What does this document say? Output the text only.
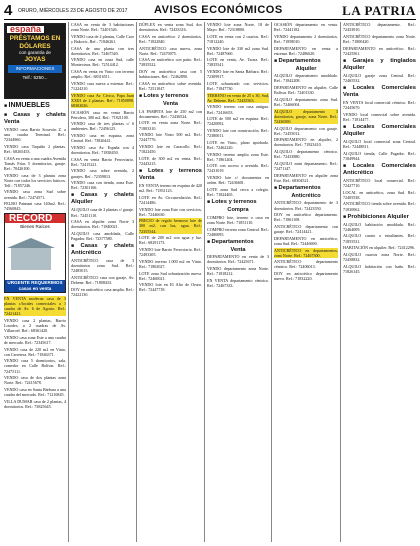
4 ORURO, MIÉRCOLES 23 DE AGOSTO DE 2017 AVISOS ECONÓMICOS	LA PATRIA
españa
PRÉSTAMOS EN DÓLARES
con garantía de
JOYAS
INFORMACIONES
Telf.: 5250...
■ INMUEBLES
■ Casas y chalets Venta

VENDO casa Barrio Socavón Z. a una cuadra Terminal. Ref.: 72344960.

VENDO casa Taquiña 2 plantas. Ref.: 68265453.

CASA en venta a una cuadra Avenida Tomás Frías 5 dormitorios, garaje. Ref.: 70426100.

VENDO casa de 3 plantas zona Norte con todos los servicios básicos. Telf.: 71857246.

VENDO casa zona Sud sobre avenida. Ref.: 72474571.

FELBO Paimani casa 140m2. Ref.: 74560845.

RECORD
Bienes Raíces
URGENTE REQUERIMOS casas en venta

EN VENTA moderna casa de 3 plantas c/locales comerciales a 1 cuadra de Av. 6 de Agosto. Ref.: 72421421.

VENDO casa 2 plantas, Barrio Lourdes, a 2 cuadras de Av. Villarroel. Ref.: 68361420.

VENDO casa zona Este a una cuadra de mercado. Ref.: 72345617.

VENDO casa de 220 m2 en Vinto, con Carretera. Ref.: 71846371.

VENDO casa 5 dormitorios, sala, comedor en Calle Bolívar. Ref.: 72475111.

VENDO casa de dos plantas zona Norte. Ref.: 72415678.

VENDO casa en Santa Bárbara a una cuadra del mercado. Ref.: 71216845.

VILLA DUMAR casa de 2 plantas, 4 dormitorios. Ref.: 73825645.

CASA en venta de 3 habitaciones zona Norte. Ref.: 72401526.

VENDO casa de 2 plantas, Calle Caro y Bakovic. Ref.: 71846261.

CASA de una planta con tres dormitorios. Ref.: 72467540.

VENDO casa en zona Sud, calle Montecinos. Ref.: 72514412.

CASA en venta en Vinto con terreno amplio. Ref.: 68316511.

VENDO casa nueva a estrenar. Ref.: 71224310.

VENDO casa Av. Cívica, Papa Juan XXIII de 2 plantas. Ref.: 71850898, 68302026.

OCASIÓN casa en venta Barrio Petrolero, 300 m2. Ref.: 71821100.

VENDO casa de tres plantas c/ 6 ambientes. Ref.: 72456125.

VENDO casa en esquina, zona Central. Ref.: 73826441.

VENDO casa Av. España con 4 dormitorios. Ref.: 71838450.

CASA en venta Barrio Ferroviario. Ref.: 72415221.

VENDO casa sobre avenida, 2 garajes. Ref.: 72359813.

VENDO casa con tienda, zona Este. Ref.: 72301166.

■ Casas y chalets Alquiler

ALQUILO casa de 2 plantas c/ garaje. Ref.: 72451110.

CASA en alquiler zona Norte 3 dormitorios. Ref.: 71840021.

ALQUILO casa amoblada, Calle Pagador. Ref.: 72377580.

■ Casas y chalets Anticrético

ANTICRÉTICO casa de 3 dormitorios zona Sud. Ref.: 72485015.

ANTICRÉTICO casa con garaje, Av. Dehene. Ref.: 71808433.

DOY en anticrético casa amplia. Ref.: 72422130.

DÚPLEX en venta zona Sud, dos dormitorios. Ref.: 72433316.

CASA en anticrético 2 dormitorios. Ref.: 71822840.

ANTICRÉTICO casa nueva, zona Norte. Ref.: 72470075.

CASA en anticrético con patio. Ref.: 73835522.

DOY en anticrético casa con 5 habitaciones. Ref.: 72462890.

CASA en anticrético sobre avenida. Ref.: 72511047.

■ Lotes y terrenos
Venta

LA PAMPITA lote de 250 m2 con documentos. Ref.: 72436524.

LOTE en venta zona Norte. Ref.: 71803310.

VENDO lote Vinto 500 m2. Ref.: 72447776.

VENDO lote en Caracollo. Ref.: 71822450.

LOTE de 300 m2 en venta. Ref.: 72443215.

■ Lotes y terrenos Venta

EN VENTA terreno en esquina de 420 m2. Ref.: 71831123.

LOTE en Av. Circunvalación. Ref.: 72414486.

VENDO lote zona Este con servicios. Ref.: 72446630.

PRECIO de regalo hermoso lote de 300 m2, con luz, agua. Ref.: 72355544.

LOTE de 200 m2 con agua y luz. Ref.: 68291173.

VENDO lote Barrio Ferroviario. Ref.: 72493305.

VENDO terreno 1.000 m2 en Vinto. Ref.: 71863027.

LOTE zona Sud urbanización nueva. Ref.: 72460021.

VENDO lote en El Alto de Oruro. Ref.: 72447718.

VENDO lote zona Norte, 18 de Mayo. Ref.: 72318800.

LOTE en venta con 2 cuartos. Ref.: 71812240.

VENDO lote de 330 m2 zona Sud. Ref.: 72487660.

LOTE en venta, Av. Tacna. Ref.: 73835541.

VENDO lote en Santa Bárbara. Ref.: 72309917.

LOTE urbanizado con servicios. Ref.: 71847730.

TERRENO en venta de 25 x 30, Sud, Av. Dehene. Ref.: 72435563.

VENDO terreno con casa antigua. Ref.: 72416653.

LOTE de 500 m2 en esquina. Ref.: 72420092.

VENDO lote con construcción. Ref.: 72380011.

LOTE en Vinto, plano aprobado. Ref.: 72462220.

VENDO terreno amplio zona Este. Ref.: 71861204.

LOTE con acceso a avenida. Ref.: 72431019.

VENDO lote c/ documentos en orden. Ref.: 72436601.

LOTE zona Sud cerca a colegio. Ref.: 71824465.

■ Lotes y terrenos
Compra

COMPRO lote, terreno o casa en zona Norte. Ref.: 71851110.

COMPRO terreno zona Central. Ref.: 72480095.

■ Departamentos
Venta

DEPARTAMENTO en venta de 3 dormitorios. Ref.: 72425671.

VENDO departamento zona Norte. Ref.: 71818212.

EN VENTA departamento céntrico. Ref.: 72467333.

OCASIÓN departamento en venta. Ref.: 72441182.

VENDO departamento 2 dormitorios. Ref.: 71858010.

DEPARTAMENTO en venta a estrenar. Ref.: 72486620.

■ Departamentos
Alquiler

ALQUILO departamento amoblado. Ref.: 71842208.

DEPARTAMENTO en alquiler, Calle Bolívar. Ref.: 72401330.

ALQUILO departamento zona Sud. Ref.: 72466004.

ALQUILO departamento 3 dormitorios, garaje, zona Norte. Ref.: 72436500.

ALQUILO departamento con garaje. Ref.: 72455012.

DEPARTAMENTO en alquiler, 2 dormitorios. Ref.: 71823410.

ALQUILO departamento céntrico. Ref.: 72433880.

ALQUILO mini departamento. Ref.: 72471147.

DEPARTAMENTO en alquiler zona Este. Ref.: 68304521.

■ Departamentos
Anticrético

ANTICRÉTICO departamento de 3 dormitorios. Ref.: 72423550.

DOY en anticrético departamento. Ref.: 71861108.

ANTICRÉTICO departamento con garaje. Ref.: 72414421.

DEPARTAMENTO en anticrético, zona Sud. Ref.: 72446690.

ANTICRÉTICO en departamentos, zona Norte. Ref.: 72467500.

ANTICRÉTICO departamento céntrico. Ref.: 72406013.

DOY en anticrético departamento nuevo. Ref.: 71832220.

ANTICRÉTICO departamento. Ref.: 72433910.

ANTICRÉTICO departamento zona Norte. Ref.: 71800420.

DEPARTAMENTO en anticrético. Ref.: 72425561.

■ Garajes y tinglados Alquiler

ALQUILO garaje zona Central. Ref.: 72465532.

■ Locales Comerciales Venta

EN VENTA local comercial céntrico. Ref.: 72445670.

VENDO local comercial sobre avenida. Ref.: 71814477.

■ Locales Comerciales Alquiler

ALQUILO local comercial zona Central. Ref.: 72448811.

ALQUILO tienda, Calle Pagador. Ref.: 71849944.

■ Locales Comerciales Anticrético

ANTICRÉTICO local comercial. Ref.: 72427710.

LOCAL en anticrético, zona Sud. Ref.: 72405538.

ANTICRÉTICO tienda sobre avenida. Ref.: 71830062.

■ Prohibiciones Alquiler

ALQUILO habitación amoblada. Ref.: 72464009.

ALQUILO cuarto a estudiantes. Ref.: 71855531.

HABITACIÓN en alquiler. Ref.: 72412296.

ALQUILO cuartos zona Norte. Ref.: 72458832.

ALQUILO habitación con baño. Ref.: 71826145.
